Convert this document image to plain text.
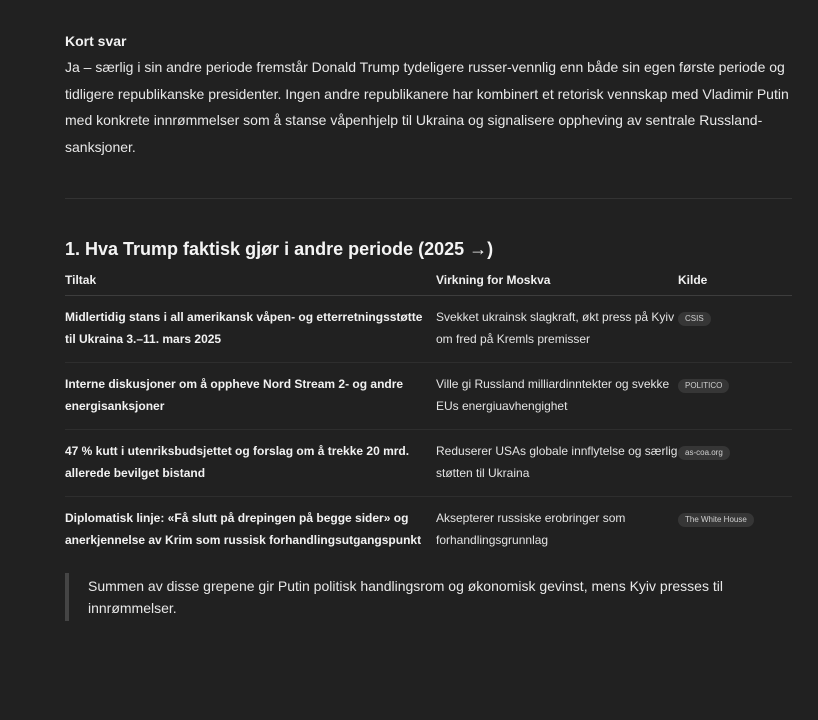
Kort svar

Ja – særlig i sin andre periode fremstår Donald Trump tydeligere russer-vennlig enn både sin egen første periode og tidligere republikanske presidenter. Ingen andre republikanere har kombinert et retorisk vennskap med Vladimir Putin med konkrete innrømmelser som å stanse våpenhjelp til Ukraina og signalisere oppheving av sentrale Russland-sanksjoner.

1. Hva Trump faktisk gjør i andre periode (2025 →)
Tiltak	Virkning for Moskva	Kilde
Midlertidig stans i all amerikansk våpen- og etterretningsstøtte til Ukraina 3.–11. mars 2025	Svekket ukrainsk slagkraft, økt press på Kyiv om fred på Kremls premisser	CSIS
Interne diskusjoner om å oppheve Nord Stream 2- og andre energisanksjoner	Ville gi Russland milliardinntekter og svekke EUs energiuavhengighet	POLITICO
47 % kutt i utenriksbudsjettet og forslag om å trekke 20 mrd. allerede bevilget bistand	Reduserer USAs globale innflytelse og særlig støtten til Ukraina	as-coa.org
Diplomatisk linje: «Få slutt på drepingen på begge sider» og anerkjennelse av Krim som russisk forhandlingsutgangspunkt	Aksepterer russiske erobringer som forhandlingsgrunnlag	The White House
Summen av disse grepene gir Putin politisk handlingsrom og økonomisk gevinst, mens Kyiv presses til innrømmelser.
